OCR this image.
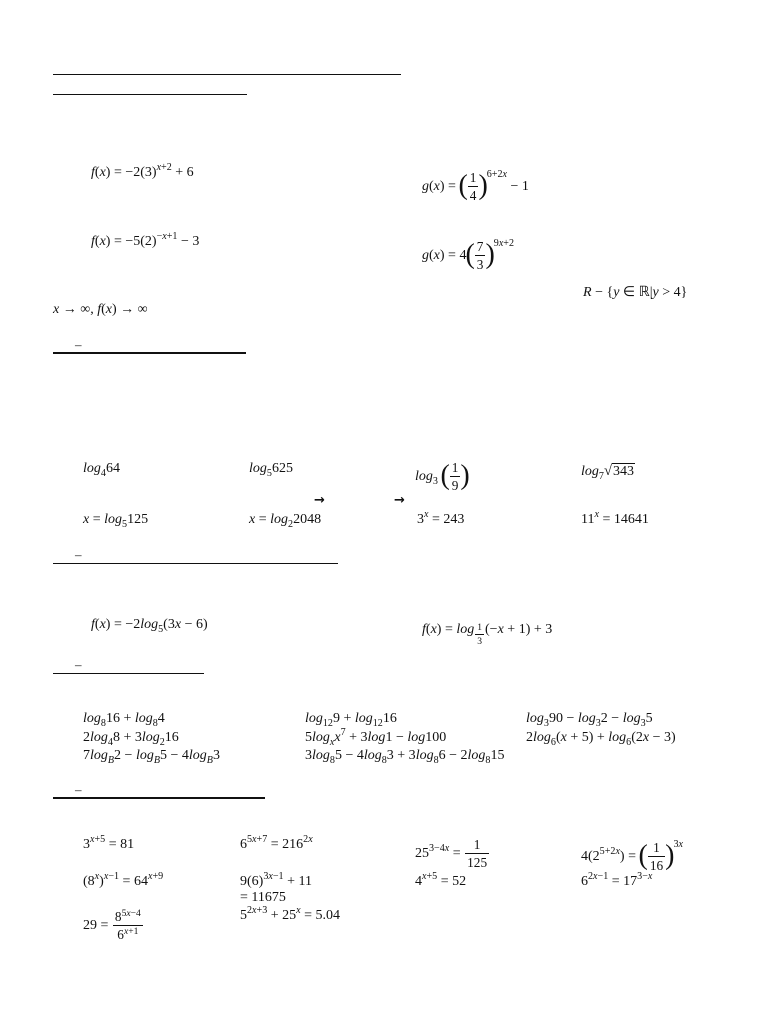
$f(x) = -2(3)^{x+2} + 6$
g(x) = ( $\frac{1}{4} )^{6+2x} - 1$
$f(x) = -5(2)^{-x+1} - 3$
$g(x) = 4( \frac{7}{3} )^{9x+2}$
R − {y ∈ ℝ|y > 4}
x → ∞, f(x) → ∞
–
$\log_464$	$\log_5625$
$\log_3$ ( $\frac{1}{9}$ )	$\log_7√343$
→	→
$x = \log_5125$	$x = \log_22048$	$3^x = 243$	$11^x = 14641$
–
$f(x) = -2\log_5(3x - 6)$	f(x) = log $_{\frac{1}{3}}$ (−x + 1) + 3
–
$\log_816 + \log_84$	$\log_{12}9 + \log_{12}16$	$\log_390 - \log_32 - \log_35$
$2\log_48 + 3\log_216$	$5\log_xx^7 + 3\log 1 - \log 100$	$2\log_6(x + 5) + \log_6(2x - 3)$
$7\log_B2 - \log_B5 - 4\log_B3$	$3\log_85 - 4\log_83 + 3\log_86 - 2\log_815$
–
$3^{x+5} = 81$	$6^{5x+7} = 216^{2x}$
$25^{3-4x} = \frac{1}{125}$	$4(2^{5+2x})$ = ( $\frac{1}{16} )^{3x}$
$(8^x)^{x-1} = 64^{x+9}$	$9(6)^{3x-1} + 11$
= 11675
$4^{x+5} = 52$	$6^{2x-1} = 17^{3-x}$
$29 = \frac{8^{5x-4}}{6^{x+1}}$	$5^{2x+3} + 25^x = 5.04$
